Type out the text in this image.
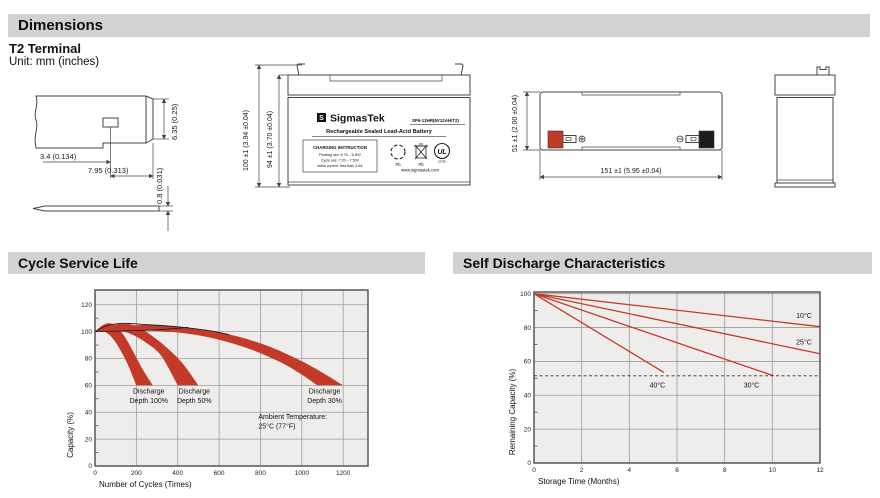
Dimensions
T2 Terminal
Unit: mm (inches)
3.4 (0.134)
7.95 (0.313)
6.35 (0.25)
0.8 (0.031)
100 ±1 (3.94 ±0.04) 94 ±1 (3.70 ±0.04)	S SigmasTek	SP6-12HR(6V12AH/T2)
Rechargeable Sealed Lead-Acid Battery
CHARGING INSTRUCTION
Floating use: 6.75 – 6.90V
Cycle use: 7.20 – 7.50V
Initial current: less than 3.6A	Pb	Pb
UL
LISTED
www.sigmastek.com
51 ±1 (2.00 ±0.04)
151 ±1 (5.95 ±0.04)
Cycle Service Life	Self Discharge Characteristics
Discharge Depth 100%
Discharge Depth 50%
Discharge Depth 30%
Ambient Temperature: 25°C (77°F)
0	200	400	600	800	1000	1200
0
20
40
60
80
100
120
Number of Cycles (Times)
Capacity (%)
10°C
25°C
40°C	30°C
0	2	4	6	8	10	12
0
20
40
60
80
100
Storage Time (Months)
Remaining Capacity (%)
